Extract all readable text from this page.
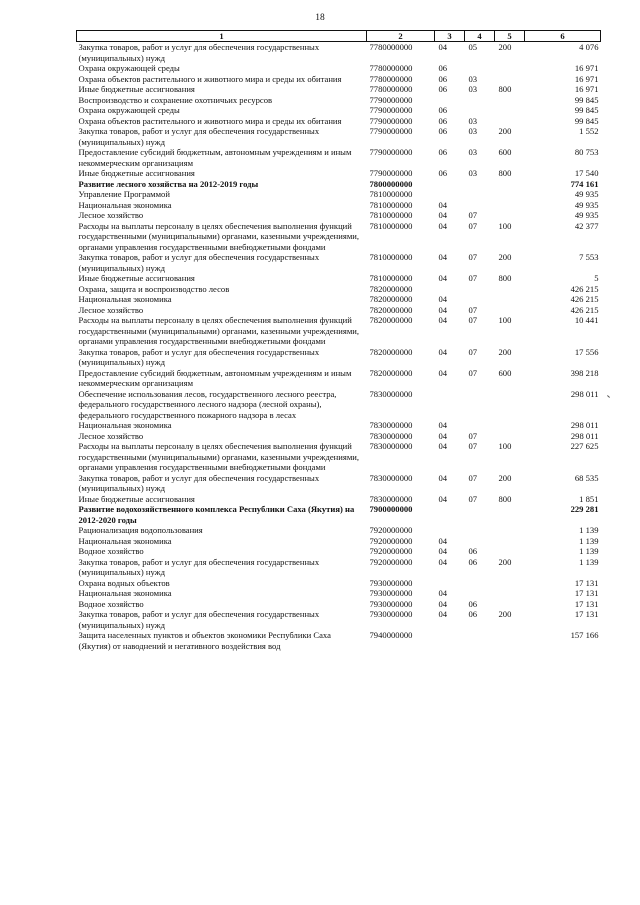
18
1	2	3	4	5	6
Закупка товаров, работ и услуг для обеспечения государственных (муниципальных) нужд	7780000000	04	05	200	4 076
Охрана окружающей среды	7780000000	06			16 971
Охрана объектов растительного и животного мира и среды их обитания	7780000000	06	03		16 971
Иные бюджетные ассигнования	7780000000	06	03	800	16 971
Воспроизводство и сохранение охотничьих ресурсов	7790000000				99 845
Охрана окружающей среды	7790000000	06			99 845
Охрана объектов растительного и животного мира и среды их обитания	7790000000	06	03		99 845
Закупка товаров, работ и услуг для обеспечения государственных (муниципальных) нужд	7790000000	06	03	200	1 552
Предоставление субсидий бюджетным, автономным учреждениям и иным некоммерческим организациям	7790000000	06	03	600	80 753
Иные бюджетные ассигнования	7790000000	06	03	800	17 540
Развитие лесного хозяйства на 2012-2019 годы	7800000000				774 161
Управление Программой	7810000000				49 935
Национальная экономика	7810000000	04			49 935
Лесное хозяйство	7810000000	04	07		49 935
Расходы на выплаты персоналу в целях обеспечения выполнения функций государственными (муниципальными) органами, казенными учреждениями, органами управления государственными внебюджетными фондами	7810000000	04	07	100	42 377
Закупка товаров, работ и услуг для обеспечения государственных (муниципальных) нужд	7810000000	04	07	200	7 553
Иные бюджетные ассигнования	7810000000	04	07	800	5
Охрана, защита и воспроизводство лесов	7820000000				426 215
Национальная экономика	7820000000	04			426 215
Лесное хозяйство	7820000000	04	07		426 215
Расходы на выплаты персоналу в целях обеспечения выполнения функций государственными (муниципальными) органами, казенными учреждениями, органами управления государственными внебюджетными фондами	7820000000	04	07	100	10 441
Закупка товаров, работ и услуг для обеспечения государственных (муниципальных) нужд	7820000000	04	07	200	17 556
Предоставление субсидий бюджетным, автономным учреждениям и иным некоммерческим организациям	7820000000	04	07	600	398 218
Обеспечение использования лесов, государственного лесного реестра, федерального государственного лесного надзора (лесной охраны), федерального государственного пожарного надзора в лесах	7830000000				298 011
Национальная экономика	7830000000	04			298 011
Лесное хозяйство	7830000000	04	07		298 011
Расходы на выплаты персоналу в целях обеспечения выполнения функций государственными (муниципальными) органами, казенными учреждениями, органами управления государственными внебюджетными фондами	7830000000	04	07	100	227 625
Закупка товаров, работ и услуг для обеспечения государственных (муниципальных) нужд	7830000000	04	07	200	68 535
Иные бюджетные ассигнования	7830000000	04	07	800	1 851
Развитие водохозяйственного комплекса Республики Саха (Якутия) на 2012-2020 годы	7900000000				229 281
Рационализация водопользования	7920000000				1 139
Национальная экономика	7920000000	04			1 139
Водное хозяйство	7920000000	04	06		1 139
Закупка товаров, работ и услуг для обеспечения государственных (муниципальных) нужд	7920000000	04	06	200	1 139
Охрана водных объектов	7930000000				17 131
Национальная экономика	7930000000	04			17 131
Водное хозяйство	7930000000	04	06		17 131
Закупка товаров, работ и услуг для обеспечения государственных (муниципальных) нужд	7930000000	04	06	200	17 131
Защита населенных пунктов и объектов экономики Республики Саха (Якутия) от наводнений и негативного воздействия вод	7940000000				157 166
